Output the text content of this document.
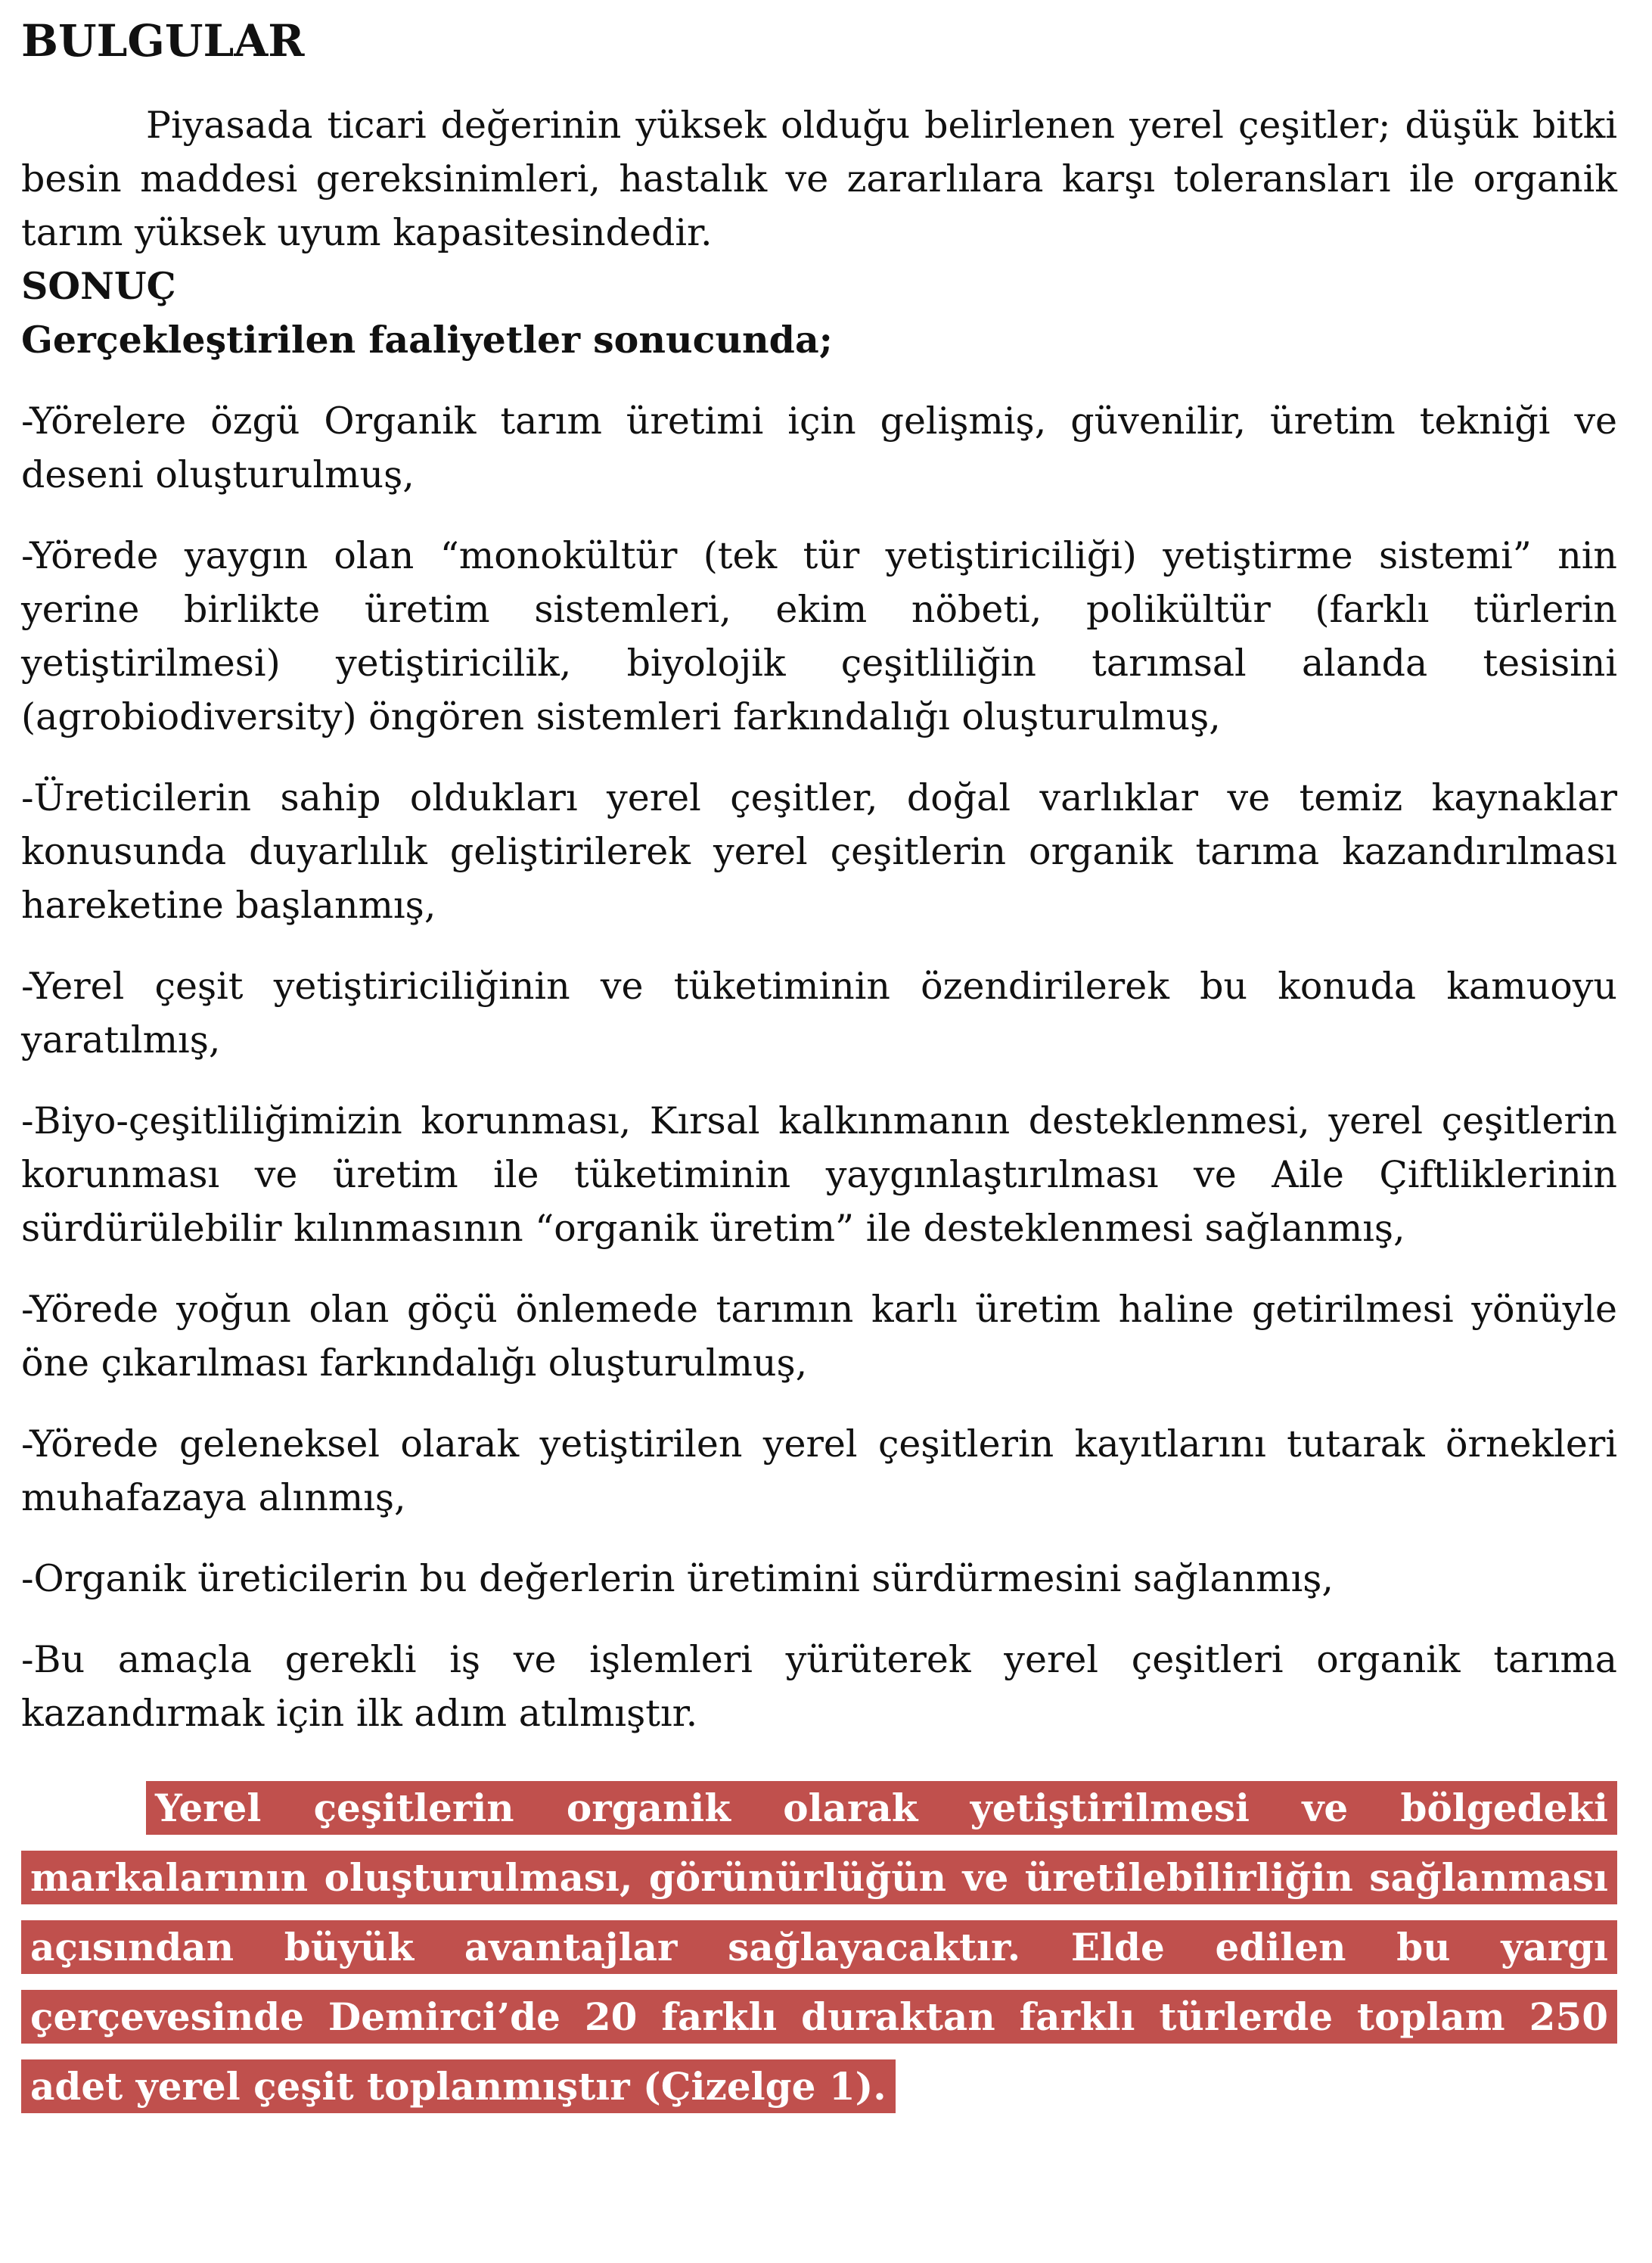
BULGULAR

Piyasada ticari değerinin yüksek olduğu belirlenen yerel çeşitler; düşük bitki besin maddesi gereksinimleri, hastalık ve zararlılara karşı toleransları ile organik tarım yüksek uyum kapasitesindedir.

SONUÇ
Gerçekleştirilen faaliyetler sonucunda;

-Yörelere özgü Organik tarım üretimi için gelişmiş, güvenilir, üretim tekniği ve deseni oluşturulmuş,

-Yörede yaygın olan “monokültür (tek tür yetiştiriciliği) yetiştirme sistemi” nin yerine birlikte üretim sistemleri, ekim nöbeti, polikültür (farklı türlerin yetiştirilmesi) yetiştiricilik, biyolojik çeşitliliğin tarımsal alanda tesisini (agrobiodiversity) öngören sistemleri farkındalığı oluşturulmuş,

-Üreticilerin sahip oldukları yerel çeşitler, doğal varlıklar ve temiz kaynaklar konusunda duyarlılık geliştirilerek yerel çeşitlerin organik tarıma kazandırılması hareketine başlanmış,

-Yerel çeşit yetiştiriciliğinin ve tüketiminin özendirilerek bu konuda kamuoyu yaratılmış,

-Biyo-çeşitliliğimizin korunması, Kırsal kalkınmanın desteklenmesi, yerel çeşitlerin korunması ve üretim ile tüketiminin yaygınlaştırılması ve Aile Çiftliklerinin sürdürülebilir kılınmasının “organik üretim” ile desteklenmesi sağlanmış,

-Yörede yoğun olan göçü önlemede tarımın karlı üretim haline getirilmesi yönüyle öne çıkarılması farkındalığı oluşturulmuş,

-Yörede geleneksel olarak yetiştirilen yerel çeşitlerin kayıtlarını tutarak örnekleri muhafazaya alınmış,

-Organik üreticilerin bu değerlerin üretimini sürdürmesini sağlanmış,

-Bu amaçla gerekli iş ve işlemleri yürüterek yerel çeşitleri organik tarıma kazandırmak için ilk adım atılmıştır.

Yerel çeşitlerin organik olarak yetiştirilmesi ve bölgedeki markalarının oluşturulması, görünürlüğün ve üretilebilirliğin sağlanması açısından büyük avantajlar sağlayacaktır. Elde edilen bu yargı çerçevesinde Demirci’de 20 farklı duraktan farklı türlerde toplam 250 adet yerel çeşit toplanmıştır (Çizelge 1).
